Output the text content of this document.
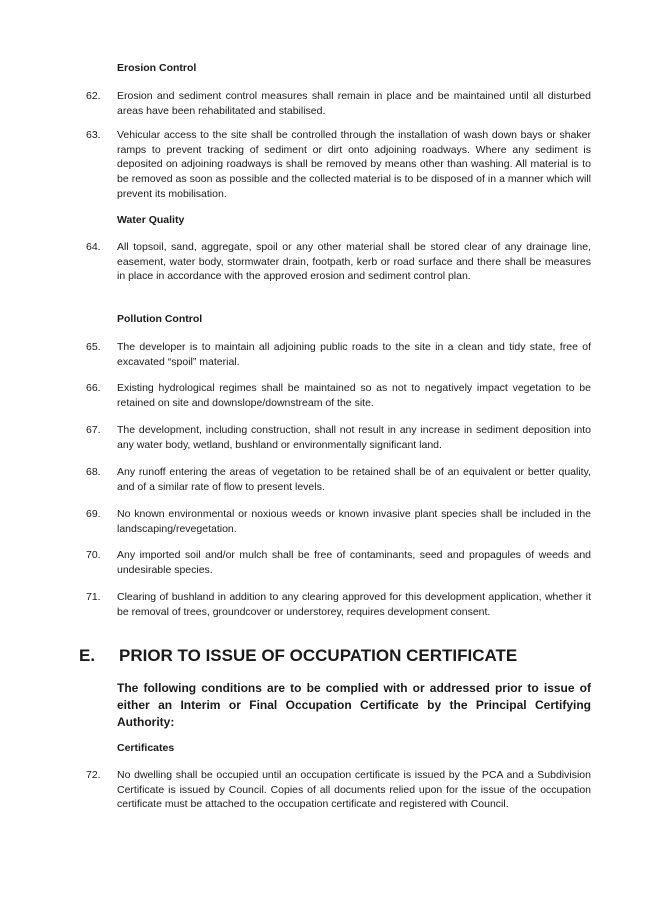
Erosion Control
62. Erosion and sediment control measures shall remain in place and be maintained until all disturbed areas have been rehabilitated and stabilised.
63. Vehicular access to the site shall be controlled through the installation of wash down bays or shaker ramps to prevent tracking of sediment or dirt onto adjoining roadways. Where any sediment is deposited on adjoining roadways is shall be removed by means other than washing. All material is to be removed as soon as possible and the collected material is to be disposed of in a manner which will prevent its mobilisation.
Water Quality
64. All topsoil, sand, aggregate, spoil or any other material shall be stored clear of any drainage line, easement, water body, stormwater drain, footpath, kerb or road surface and there shall be measures in place in accordance with the approved erosion and sediment control plan.
Pollution Control
65. The developer is to maintain all adjoining public roads to the site in a clean and tidy state, free of excavated “spoil” material.
66. Existing hydrological regimes shall be maintained so as not to negatively impact vegetation to be retained on site and downslope/downstream of the site.
67. The development, including construction, shall not result in any increase in sediment deposition into any water body, wetland, bushland or environmentally significant land.
68. Any runoff entering the areas of vegetation to be retained shall be of an equivalent or better quality, and of a similar rate of flow to present levels.
69. No known environmental or noxious weeds or known invasive plant species shall be included in the landscaping/revegetation.
70. Any imported soil and/or mulch shall be free of contaminants, seed and propagules of weeds and undesirable species.
71. Clearing of bushland in addition to any clearing approved for this development application, whether it be removal of trees, groundcover or understorey, requires development consent.
E. PRIOR TO ISSUE OF OCCUPATION CERTIFICATE
The following conditions are to be complied with or addressed prior to issue of either an Interim or Final Occupation Certificate by the Principal Certifying Authority:
Certificates
72. No dwelling shall be occupied until an occupation certificate is issued by the PCA and a Subdivision Certificate is issued by Council. Copies of all documents relied upon for the issue of the occupation certificate must be attached to the occupation certificate and registered with Council.
